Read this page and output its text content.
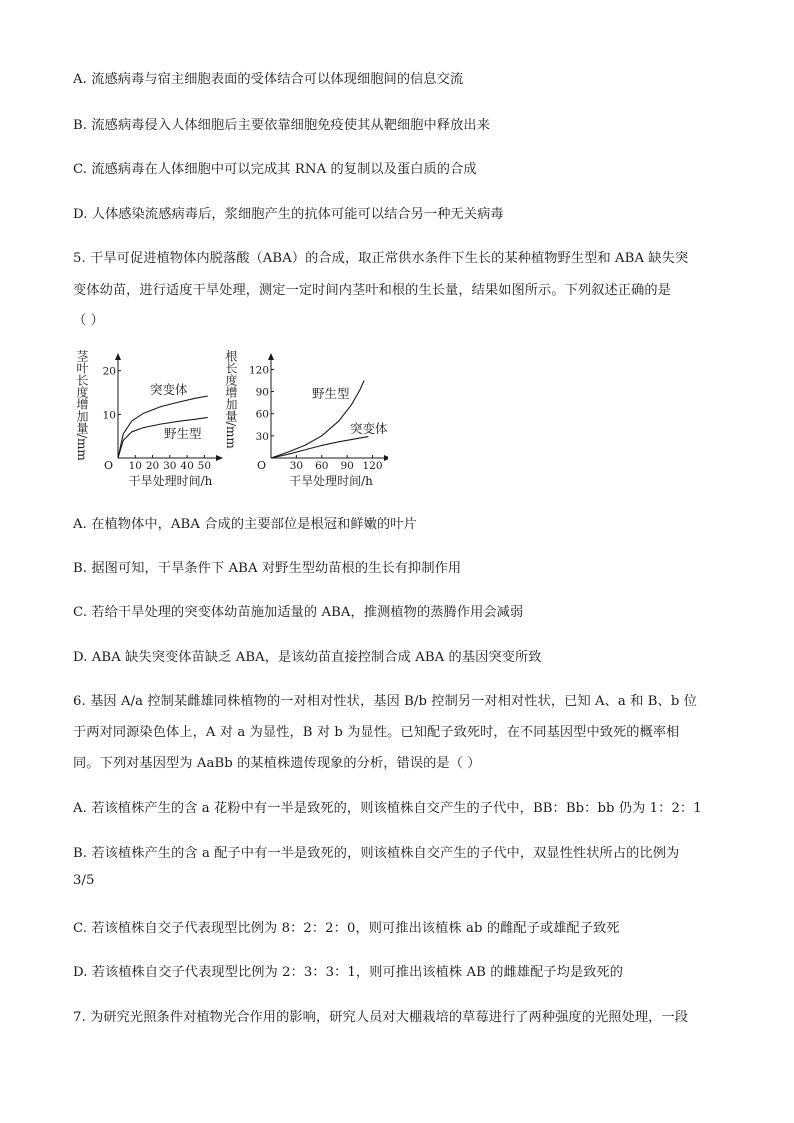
A. 流感病毒与宿主细胞表面的受体结合可以体现细胞间的信息交流
B. 流感病毒侵入人体细胞后主要依靠细胞免疫使其从靶细胞中释放出来
C. 流感病毒在人体细胞中可以完成其 RNA 的复制以及蛋白质的合成
D. 人体感染流感病毒后，浆细胞产生的抗体可能可以结合另一种无关病毒
5. 干旱可促进植物体内脱落酸（ABA）的合成，取正常供水条件下生长的某种植物野生型和 ABA 缺失突
变体幼苗，进行适度干旱处理，测定一定时间内茎叶和根的生长量，结果如图所示。下列叙述正确的是
（ ）
O 10 20 30 40 50
10
20
干旱处理时间/h
茎叶长度增加量/mm	突变体
野生型
O 30 60 90 120
30
60
90
120
干旱处理时间/h
根长度增加量/mm	野生型
突变体
A. 在植物体中，ABA 合成的主要部位是根冠和鲜嫩的叶片
B. 据图可知，干旱条件下 ABA 对野生型幼苗根的生长有抑制作用
C. 若给干旱处理的突变体幼苗施加适量的 ABA，推测植物的蒸腾作用会减弱
D. ABA 缺失突变体苗缺乏 ABA，是该幼苗直接控制合成 ABA 的基因突变所致
6. 基因 A/a 控制某雌雄同株植物的一对相对性状，基因 B/b 控制另一对相对性状，已知 A、a 和 B、b 位
于两对同源染色体上，A 对 a 为显性，B 对 b 为显性。已知配子致死时，在不同基因型中致死的概率相
同。下列对基因型为 AaBb 的某植株遗传现象的分析，错误的是（ ）
A. 若该植株产生的含 a 花粉中有一半是致死的，则该植株自交产生的子代中，BB：Bb：bb 仍为 1：2：1
B. 若该植株产生的含 a 配子中有一半是致死的，则该植株自交产生的子代中，双显性性状所占的比例为
3/5
C. 若该植株自交子代表现型比例为 8：2：2：0，则可推出该植株 ab 的雌配子或雄配子致死
D. 若该植株自交子代表现型比例为 2：3：3：1，则可推出该植株 AB 的雌雄配子均是致死的
7. 为研究光照条件对植物光合作用的影响，研究人员对大棚栽培的草莓进行了两种强度的光照处理，一段
